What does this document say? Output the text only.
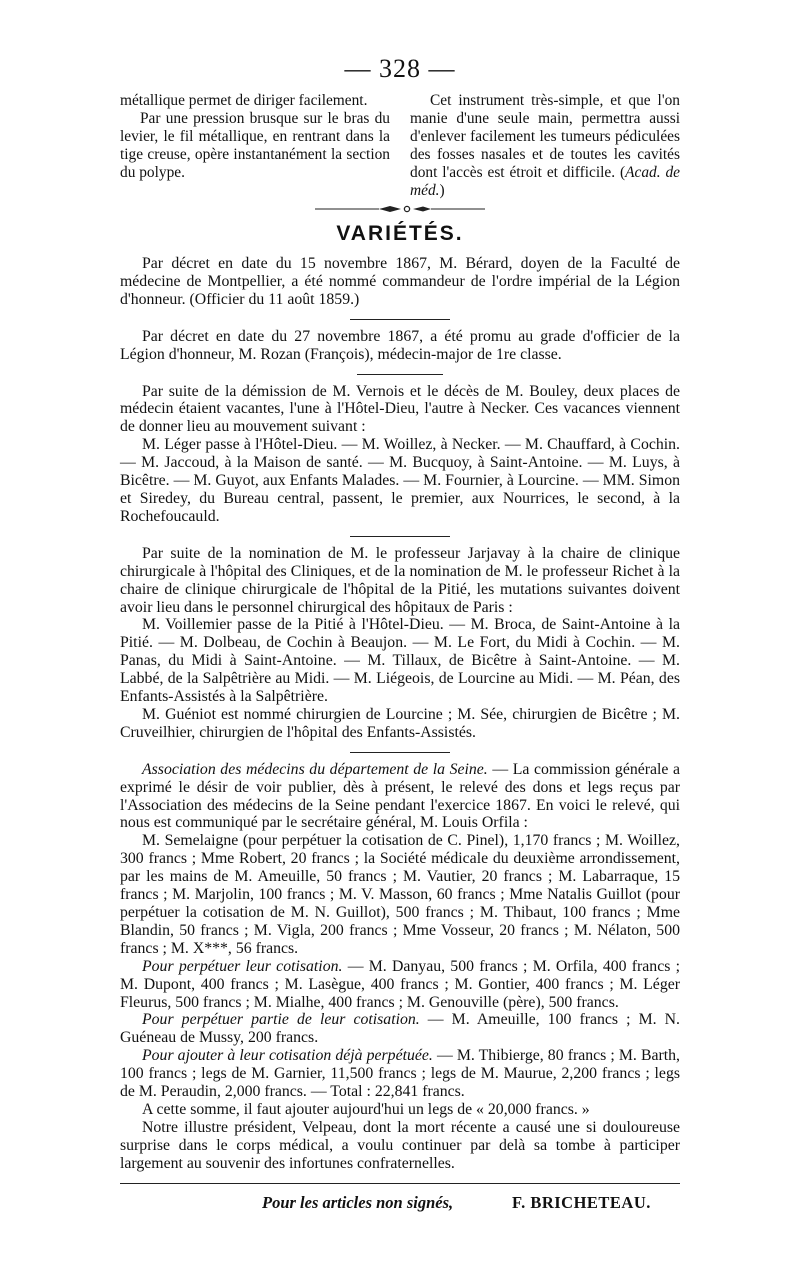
— 328 —

métallique permet de diriger facilement.

Par une pression brusque sur le bras du levier, le fil métallique, en rentrant dans la tige creuse, opère instantanément la section du polype.

Cet instrument très-simple, et que l'on manie d'une seule main, permettra aussi d'enlever facilement les tumeurs pédiculées des fosses nasales et de toutes les cavités dont l'accès est étroit et difficile. (Acad. de méd.)

VARIÉTÉS.

Par décret en date du 15 novembre 1867, M. Bérard, doyen de la Faculté de médecine de Montpellier, a été nommé commandeur de l'ordre impérial de la Légion d'honneur. (Officier du 11 août 1859.)

Par décret en date du 27 novembre 1867, a été promu au grade d'officier de la Légion d'honneur, M. Rozan (François), médecin-major de 1re classe.

Par suite de la démission de M. Vernois et le décès de M. Bouley, deux places de médecin étaient vacantes, l'une à l'Hôtel-Dieu, l'autre à Necker. Ces vacances viennent de donner lieu au mouvement suivant :

M. Léger passe à l'Hôtel-Dieu. — M. Woillez, à Necker. — M. Chauffard, à Cochin. — M. Jaccoud, à la Maison de santé. — M. Bucquoy, à Saint-Antoine. — M. Luys, à Bicêtre. — M. Guyot, aux Enfants Malades. — M. Fournier, à Lourcine. — MM. Simon et Siredey, du Bureau central, passent, le premier, aux Nourrices, le second, à la Rochefoucauld.

Par suite de la nomination de M. le professeur Jarjavay à la chaire de clinique chirurgicale à l'hôpital des Cliniques, et de la nomination de M. le professeur Richet à la chaire de clinique chirurgicale de l'hôpital de la Pitié, les mutations suivantes doivent avoir lieu dans le personnel chirurgical des hôpitaux de Paris :

M. Voillemier passe de la Pitié à l'Hôtel-Dieu. — M. Broca, de Saint-Antoine à la Pitié. — M. Dolbeau, de Cochin à Beaujon. — M. Le Fort, du Midi à Cochin. — M. Panas, du Midi à Saint-Antoine. — M. Tillaux, de Bicêtre à Saint-Antoine. — M. Labbé, de la Salpêtrière au Midi. — M. Liégeois, de Lourcine au Midi. — M. Péan, des Enfants-Assistés à la Salpêtrière.

M. Guéniot est nommé chirurgien de Lourcine ; M. Sée, chirurgien de Bicêtre ; M. Cruveilhier, chirurgien de l'hôpital des Enfants-Assistés.

Association des médecins du département de la Seine. — La commission générale a exprimé le désir de voir publier, dès à présent, le relevé des dons et legs reçus par l'Association des médecins de la Seine pendant l'exercice 1867. En voici le relevé, qui nous est communiqué par le secrétaire général, M. Louis Orfila :

M. Semelaigne (pour perpétuer la cotisation de C. Pinel), 1,170 francs ; M. Woillez, 300 francs ; Mme Robert, 20 francs ; la Société médicale du deuxième arrondissement, par les mains de M. Ameuille, 50 francs ; M. Vautier, 20 francs ; M. Labarraque, 15 francs ; M. Marjolin, 100 francs ; M. V. Masson, 60 francs ; Mme Natalis Guillot (pour perpétuer la cotisation de M. N. Guillot), 500 francs ; M. Thibaut, 100 francs ; Mme Blandin, 50 francs ; M. Vigla, 200 francs ; Mme Vosseur, 20 francs ; M. Nélaton, 500 francs ; M. X***, 56 francs.

Pour perpétuer leur cotisation. — M. Danyau, 500 francs ; M. Orfila, 400 francs ; M. Dupont, 400 francs ; M. Lasègue, 400 francs ; M. Gontier, 400 francs ; M. Léger Fleurus, 500 francs ; M. Mialhe, 400 francs ; M. Genouville (père), 500 francs.

Pour perpétuer partie de leur cotisation. — M. Ameuille, 100 francs ; M. N. Guéneau de Mussy, 200 francs.

Pour ajouter à leur cotisation déjà perpétuée. — M. Thibierge, 80 francs ; M. Barth, 100 francs ; legs de M. Garnier, 11,500 francs ; legs de M. Maurue, 2,200 francs ; legs de M. Peraudin, 2,000 francs. — Total : 22,841 francs.

A cette somme, il faut ajouter aujourd'hui un legs de « 20,000 francs. »

Notre illustre président, Velpeau, dont la mort récente a causé une si douloureuse surprise dans le corps médical, a voulu continuer par delà sa tombe à participer largement au souvenir des infortunes confraternelles.

Pour les articles non signés,	F. BRICHETEAU.
